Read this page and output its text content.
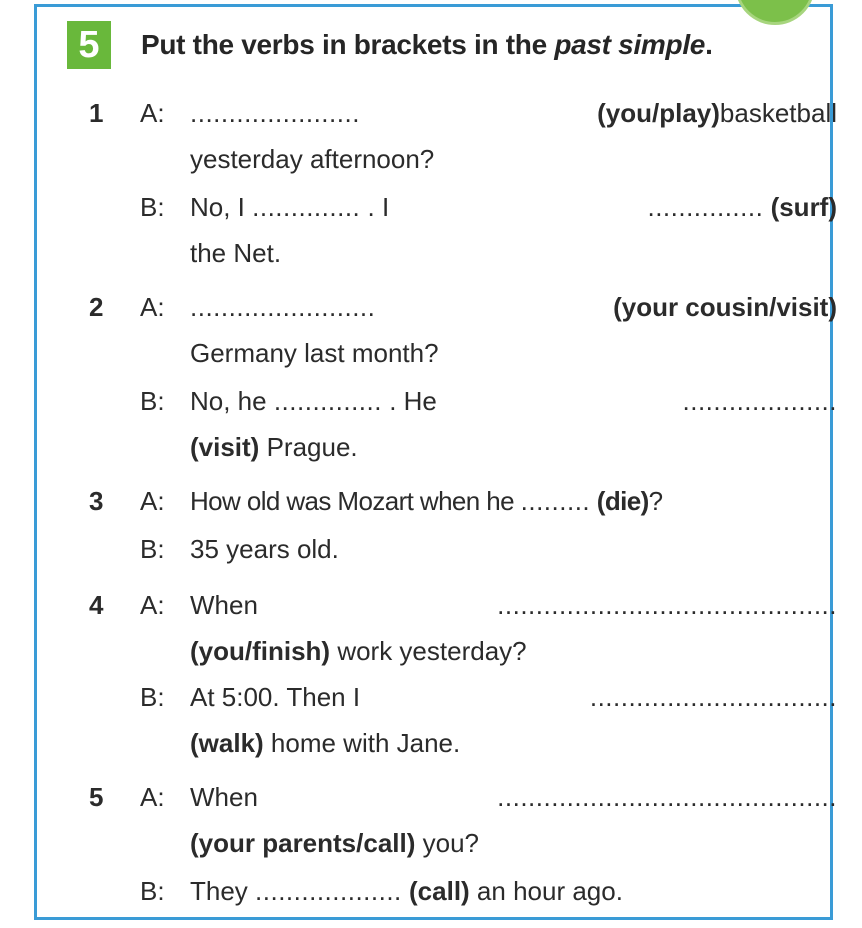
5	Put the verbs in brackets in the past simple.
1 A: ......................	(you/play) basketball
yesterday afternoon?
B: No, I .............. . I	...............
(surf)
the Net.
2 A: ........................	(your cousin/visit)
Germany last month?
B: No, he .............. . He	....................
(visit) Prague.
3 A: How old was Mozart when he .........
(die) ?
B: 35 years old.
4 A: When	............................................
(you/finish) work yesterday?
B: At 5:00. Then I	................................
(walk) home with Jane.
5 A: When	............................................
(your parents/call) you?
B: They ...................
(call) an hour ago.
